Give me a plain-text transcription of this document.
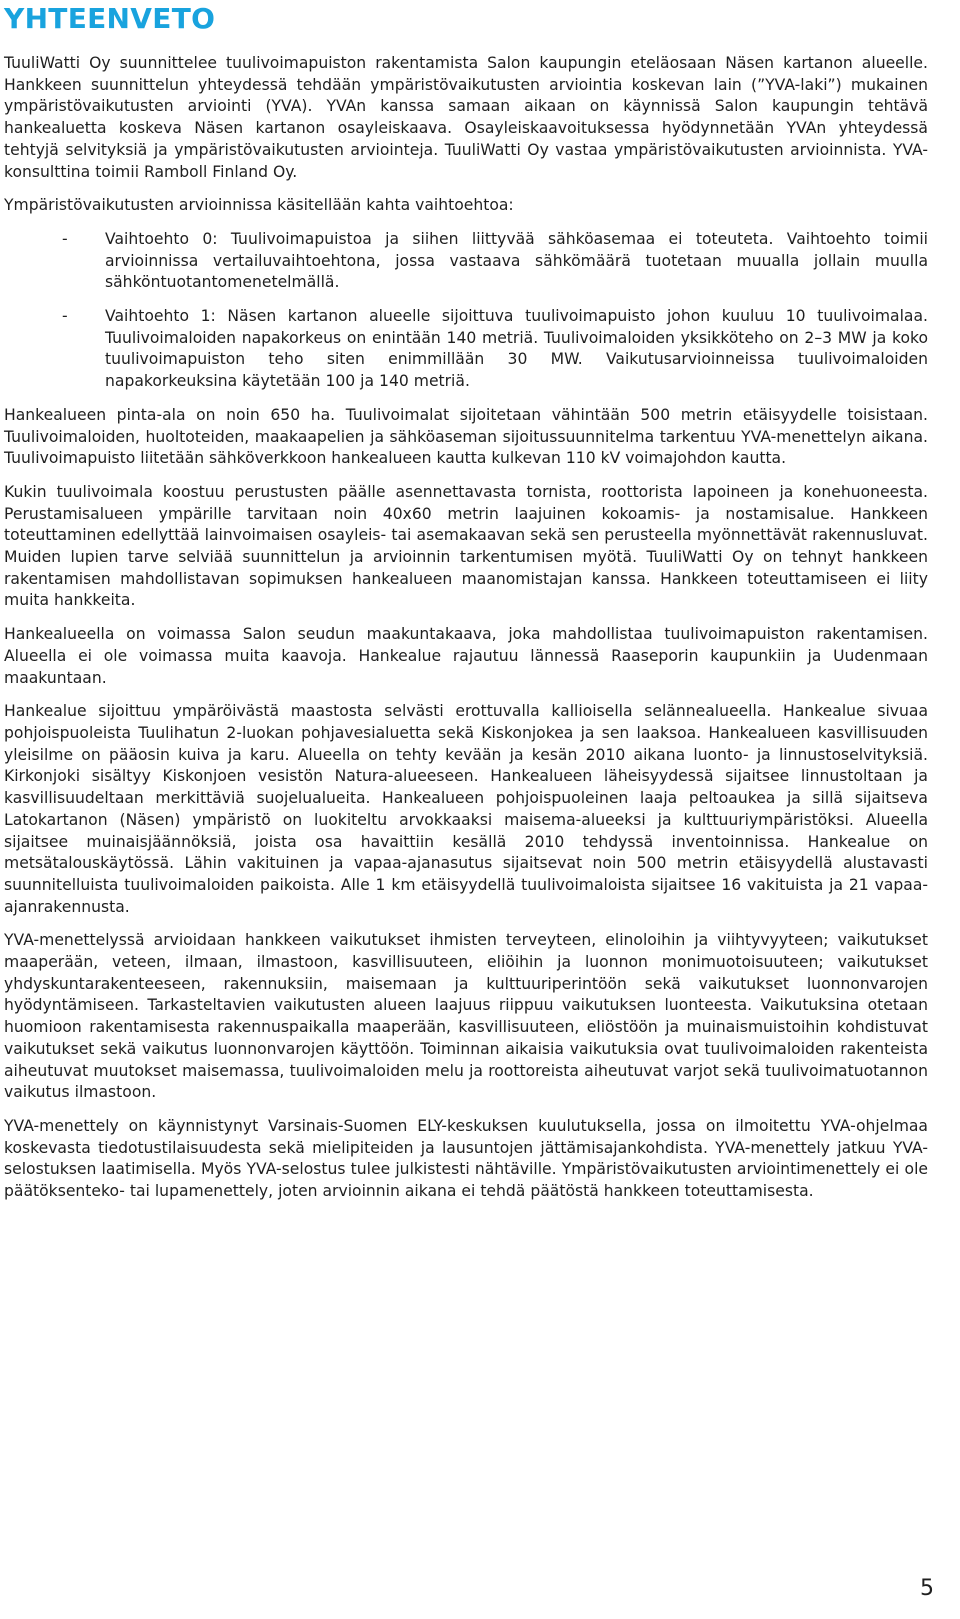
YHTEENVETO

TuuliWatti Oy suunnittelee tuulivoimapuiston rakentamista Salon kaupungin eteläosaan Näsen kartanon alueelle. Hankkeen suunnittelun yhteydessä tehdään ympäristövaikutusten arviointia koskevan lain (”YVA-laki”) mukainen ympäristövaikutusten arviointi (YVA). YVAn kanssa samaan aikaan on käynnissä Salon kaupungin tehtävä hankealuetta koskeva Näsen kartanon osayleiskaava. Osayleiskaavoituksessa hyödynnetään YVAn yhteydessä tehtyjä selvityksiä ja ympäristövaikutusten arviointeja. TuuliWatti Oy vastaa ympäristövaikutusten arvioinnista. YVA-konsulttina toimii Ramboll Finland Oy.

Ympäristövaikutusten arvioinnissa käsitellään kahta vaihtoehtoa:

- Vaihtoehto 0: Tuulivoimapuistoa ja siihen liittyvää sähköasemaa ei toteuteta. Vaihtoehto toimii arvioinnissa vertailuvaihtoehtona, jossa vastaava sähkömäärä tuotetaan muualla jollain muulla sähköntuotantomenetelmällä.
- Vaihtoehto 1: Näsen kartanon alueelle sijoittuva tuulivoimapuisto johon kuuluu 10 tuulivoimalaa. Tuulivoimaloiden napakorkeus on enintään 140 metriä. Tuulivoimaloiden yksikköteho on 2–3 MW ja koko tuulivoimapuiston teho siten enimmillään 30 MW. Vaikutusarvioinneissa tuulivoimaloiden napakorkeuksina käytetään 100 ja 140 metriä.

Hankealueen pinta-ala on noin 650 ha. Tuulivoimalat sijoitetaan vähintään 500 metrin etäisyydelle toisistaan. Tuulivoimaloiden, huoltoteiden, maakaapelien ja sähköaseman sijoitussuunnitelma tarkentuu YVA-menettelyn aikana. Tuulivoimapuisto liitetään sähköverkkoon hankealueen kautta kulkevan 110 kV voimajohdon kautta.

Kukin tuulivoimala koostuu perustusten päälle asennettavasta tornista, roottorista lapoineen ja konehuoneesta. Perustamisalueen ympärille tarvitaan noin 40x60 metrin laajuinen kokoamis- ja nostamisalue. Hankkeen toteuttaminen edellyttää lainvoimaisen osayleis- tai asemakaavan sekä sen perusteella myönnettävät rakennusluvat. Muiden lupien tarve selviää suunnittelun ja arvioinnin tarkentumisen myötä. TuuliWatti Oy on tehnyt hankkeen rakentamisen mahdollistavan sopimuksen hankealueen maanomistajan kanssa. Hankkeen toteuttamiseen ei liity muita hankkeita.

Hankealueella on voimassa Salon seudun maakuntakaava, joka mahdollistaa tuulivoimapuiston rakentamisen. Alueella ei ole voimassa muita kaavoja. Hankealue rajautuu lännessä Raaseporin kaupunkiin ja Uudenmaan maakuntaan.

Hankealue sijoittuu ympäröivästä maastosta selvästi erottuvalla kallioisella selännealueella. Hankealue sivuaa pohjoispuoleista Tuulihatun 2-luokan pohjavesialuetta sekä Kiskonjokea ja sen laaksoa. Hankealueen kasvillisuuden yleisilme on pääosin kuiva ja karu. Alueella on tehty kevään ja kesän 2010 aikana luonto- ja linnustoselvityksiä. Kirkonjoki sisältyy Kiskonjoen vesistön Natura-alueeseen. Hankealueen läheisyydessä sijaitsee linnustoltaan ja kasvillisuudeltaan merkittäviä suojelualueita. Hankealueen pohjoispuoleinen laaja peltoaukea ja sillä sijaitseva Latokartanon (Näsen) ympäristö on luokiteltu arvokkaaksi maisema-alueeksi ja kulttuuriympäristöksi. Alueella sijaitsee muinaisjäännöksiä, joista osa havaittiin kesällä 2010 tehdyssä inventoinnissa. Hankealue on metsätalouskäytössä. Lähin vakituinen ja vapaa-ajanasutus sijaitsevat noin 500 metrin etäisyydellä alustavasti suunnitelluista tuulivoimaloiden paikoista. Alle 1 km etäisyydellä tuulivoimaloista sijaitsee 16 vakituista ja 21 vapaa-ajanrakennusta.

YVA-menettelyssä arvioidaan hankkeen vaikutukset ihmisten terveyteen, elinoloihin ja viihtyvyyteen; vaikutukset maaperään, veteen, ilmaan, ilmastoon, kasvillisuuteen, eliöihin ja luonnon monimuotoisuuteen; vaikutukset yhdyskuntarakenteeseen, rakennuksiin, maisemaan ja kulttuuriperintöön sekä vaikutukset luonnonvarojen hyödyntämiseen. Tarkasteltavien vaikutusten alueen laajuus riippuu vaikutuksen luonteesta. Vaikutuksina otetaan huomioon rakentamisesta rakennuspaikalla maaperään, kasvillisuuteen, eliöstöön ja muinaismuistoihin kohdistuvat vaikutukset sekä vaikutus luonnonvarojen käyttöön. Toiminnan aikaisia vaikutuksia ovat tuulivoimaloiden rakenteista aiheutuvat muutokset maisemassa, tuulivoimaloiden melu ja roottoreista aiheutuvat varjot sekä tuulivoimatuotannon vaikutus ilmastoon.

YVA-menettely on käynnistynyt Varsinais-Suomen ELY-keskuksen kuulutuksella, jossa on ilmoitettu YVA-ohjelmaa koskevasta tiedotustilaisuudesta sekä mielipiteiden ja lausuntojen jättämisajankohdista. YVA-menettely jatkuu YVA-selostuksen laatimisella. Myös YVA-selostus tulee julkistesti nähtäville. Ympäristövaikutusten arviointimenettely ei ole päätöksenteko- tai lupamenettely, joten arvioinnin aikana ei tehdä päätöstä hankkeen toteuttamisesta.

5
